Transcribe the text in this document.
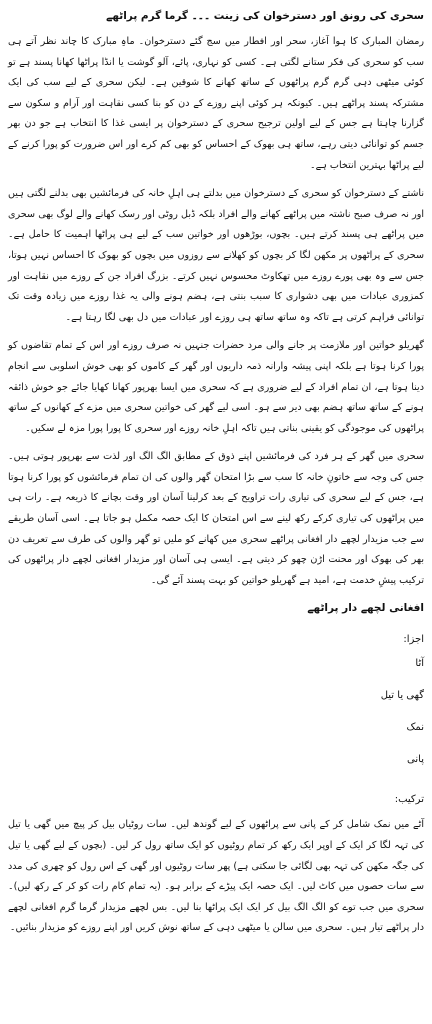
سحری کی رونق اور دسترخوان کی زینت ۔۔۔ گرما گرم پراٹھے

رمضان المبارک کا ہوا آغاز، سحر اور افطار میں سج گئے دسترخوان۔ ماہِ مبارک کا چاند نظر آتے ہی سب کو سحری کی فکر ستانے لگتی ہے۔ کسی کو نہاری، پائے، آلو گوشت یا انڈا پراٹھا کھانا پسند ہے تو کوئی میٹھی دہی گرم گرم پراٹھوں کے ساتھ کھانے کا شوقین ہے۔ لیکن سحری کے لیے سب کی ایک مشترکہ پسند پراٹھے ہیں۔ کیونکہ ہر کوئی اپنے روزے کے دن کو بنا کسی نقاہت اور آرام و سکون سے گزارنا چاہتا ہے جس کے لیے اولین ترجیح سحری کے دسترخوان پر ایسی غذا کا انتخاب ہے جو دن بھر جسم کو توانائی دیتی رہے، ساتھ ہی بھوک کے احساس کو بھی کم کرے اور اس ضرورت کو پورا کرنے کے لیے پراٹھا بہترین انتخاب ہے۔

ناشتے کے دسترخوان کو سحری کے دسترخوان میں بدلتے ہی اہلِ خانہ کی فرمائشیں بھی بدلنے لگتی ہیں اور نہ صرف صبح ناشتہ میں پراٹھے کھانے والے افراد بلکہ ڈبل روٹی اور رسک کھانے والے لوگ بھی سحری میں پراٹھے ہی پسند کرتے ہیں۔ بچوں، بوڑھوں اور خواتین سب کے لیے ہی پراٹھا اہمیت کا حامل ہے۔ سحری کے پراٹھوں پر مکھن لگا کر بچوں کو کھلانے سے روزوں میں بچوں کو بھوک کا احساس نہیں ہوتا، جس سے وہ بھی پورے روزے میں تھکاوٹ محسوس نہیں کرتے۔ بزرگ افراد جن کے روزے میں نقاہت اور کمزوری عبادات میں بھی دشواری کا سبب بنتی ہے، ہضم ہونے والی یہ غذا روزے میں زیادہ وقت تک توانائی فراہم کرتی ہے تاکہ وہ ساتھ ساتھ ہی روزے اور عبادات میں دل بھی لگا رہتا ہے۔

گھریلو خواتین اور ملازمت پر جانے والی مرد حضرات جنہیں نہ صرف روزے اور اس کے تمام تقاضوں کو پورا کرنا ہوتا ہے بلکہ اپنی پیشہ وارانہ ذمہ داریوں اور گھر کے کاموں کو بھی خوش اسلوبی سے انجام دینا ہوتا ہے، ان تمام افراد کے لیے ضروری ہے کہ سحری میں ایسا بھرپور کھانا کھایا جائے جو خوش ذائقہ ہونے کے ساتھ ساتھ ہضم بھی دیر سے ہو۔ اسی لیے گھر کی خواتین سحری میں مزے کے کھانوں کے ساتھ پراٹھوں کی موجودگی کو یقینی بناتی ہیں تاکہ اہلِ خانہ روزے اور سحری کا پورا پورا مزہ لے سکیں۔

سحری میں گھر کے ہر فرد کی فرمائشیں اپنے ذوق کے مطابق الگ الگ اور لذت سے بھرپور ہوتی ہیں۔ جس کی وجہ سے خاتونِ خانہ کا سب سے بڑا امتحان گھر والوں کی ان تمام فرمائشوں کو پورا کرنا ہوتا ہے، جس کے لیے سحری کی تیاری رات تراویح کے بعد کرلینا آسان اور وقت بچانے کا ذریعہ ہے۔ رات ہی میں پراٹھوں کی تیاری کرکے رکھ لینے سے اس امتحان کا ایک حصہ مکمل ہو جاتا ہے۔ اسی آسان طریقے سے جب مزیدار لچھے دار افغانی پراٹھے سحری میں کھانے کو ملیں تو گھر والوں کی طرف سے تعریف دن بھر کی بھوک اور محنت اڑن چھو کر دیتی ہے۔ ایسی ہی آسان اور مزیدار افغانی لچھے دار پراٹھوں کی ترکیب پیشِ خدمت ہے، امید ہے گھریلو خواتین کو بہت پسند آئے گی۔

افغانی لچھے دار پراٹھے
اجزا:
آٹا
گھی یا تیل
نمک
پانی
ترکیب:

آٹے میں نمک شامل کر کے پانی سے پراٹھوں کے لیے گوندھ لیں۔ سات روٹیاں بیل کر پیچ میں گھی یا تیل کی تہہ لگا کر ایک کے اوپر ایک رکھ کر تمام روٹیوں کو ایک ساتھ رول کر لیں۔ (بچوں کے لیے گھی یا تیل کی جگہ مکھن کی تہہ بھی لگائی جا سکتی ہے) پھر سات روٹیوں اور گھی کے اس رول کو چھری کی مدد سے سات حصوں میں کاٹ لیں۔ ایک حصہ ایک پیڑے کے برابر ہو۔ (یہ تمام کام رات کو کر کے رکھ لیں)۔ سحری میں جب توے کو الگ الگ بیل کر ایک ایک پراٹھا بنا لیں۔ بس لچھے مزیدار گرما گرم افغانی لچھے دار پراٹھے تیار ہیں۔ سحری میں سالن یا میٹھی دہی کے ساتھ نوش کریں اور اپنے روزے کو مزیدار بنائیں۔
